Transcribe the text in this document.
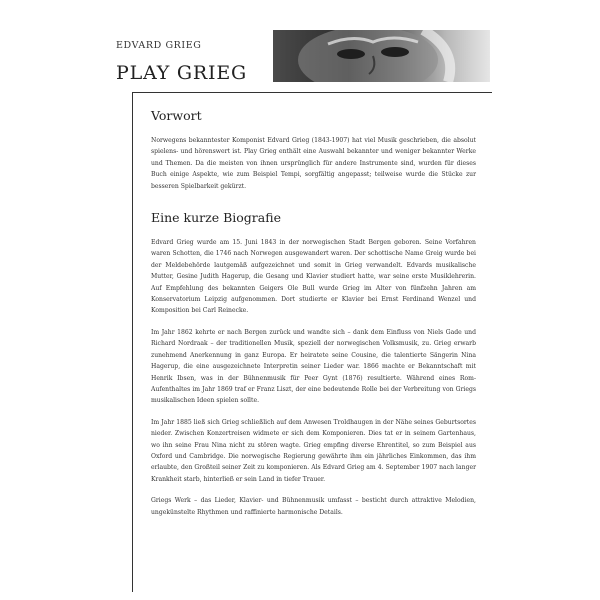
EDVARD GRIEG
PLAY GRIEG
Vorwort

Norwegens bekanntester Komponist Edvard Grieg (1843-1907) hat viel Musik geschrieben, die absolut spielens- und hörenswert ist. Play Grieg enthält eine Auswahl bekannter und weniger bekannter Werke und Themen. Da die meisten von ihnen ursprünglich für andere Instrumente sind, wurden für dieses Buch einige Aspekte, wie zum Beispiel Tempi, sorgfältig angepasst; teilweise wurde die Stücke zur besseren Spielbarkeit gekürzt.

Eine kurze Biografie

Edvard Grieg wurde am 15. Juni 1843 in der norwegischen Stadt Bergen geboren. Seine Vorfahren waren Schotten, die 1746 nach Norwegen ausgewandert waren. Der schottische Name Greig wurde bei der Meldebehörde lautgemäß aufgezeichnet und somit in Grieg verwandelt. Edvards musikalische Mutter, Gesine Judith Hagerup, die Gesang und Klavier studiert hatte, war seine erste Musiklehrerin. Auf Empfehlung des bekannten Geigers Ole Bull wurde Grieg im Alter von fünfzehn Jahren am Konservatorium Leipzig aufgenommen. Dort studierte er Klavier bei Ernst Ferdinand Wenzel und Komposition bei Carl Reinecke.

Im Jahr 1862 kehrte er nach Bergen zurück und wandte sich – dank dem Einfluss von Niels Gade und Richard Nordraak – der traditionellen Musik, speziell der norwegischen Volksmusik, zu. Grieg erwarb zunehmend Anerkennung in ganz Europa. Er heiratete seine Cousine, die talentierte Sängerin Nina Hagerup, die eine ausgezeichnete Interpretin seiner Lieder war. 1866 machte er Bekanntschaft mit Henrik Ibsen, was in der Bühnenmusik für Peer Gynt (1876) resultierte. Während eines Rom-Aufenthaltes im Jahr 1869 traf er Franz Liszt, der eine bedeutende Rolle bei der Verbreitung von Griegs musikalischen Ideen spielen sollte.

Im Jahr 1885 ließ sich Grieg schließlich auf dem Anwesen Troldhaugen in der Nähe seines Geburtsortes nieder. Zwischen Konzertreisen widmete er sich dem Komponieren. Dies tat er in seinem Gartenhaus, wo ihn seine Frau Nina nicht zu stören wagte. Grieg empfing diverse Ehrentitel, so zum Beispiel aus Oxford und Cambridge. Die norwegische Regierung gewährte ihm ein jährliches Einkommen, das ihm erlaubte, den Großteil seiner Zeit zu komponieren. Als Edvard Grieg am 4. September 1907 nach langer Krankheit starb, hinterließ er sein Land in tiefer Trauer.

Griegs Werk – das Lieder, Klavier- und Bühnenmusik umfasst – besticht durch attraktive Melodien, ungekünstelte Rhythmen und raffinierte harmonische Details.
